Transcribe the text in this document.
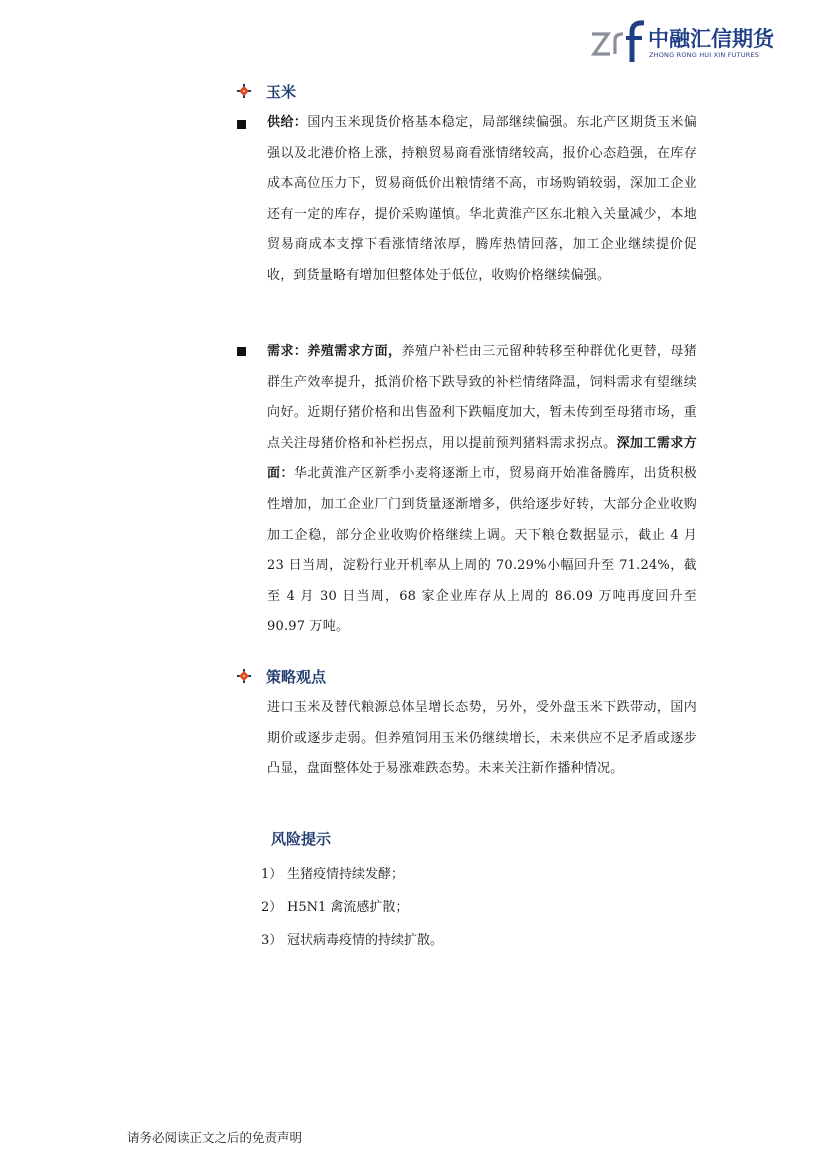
中融汇信期货
ZHONG RONG HUI XIN FUTURES
玉米

供给：国内玉米现货价格基本稳定，局部继续偏强。东北产区期货玉米偏强以及北港价格上涨，持粮贸易商看涨情绪较高，报价心态趋强，在库存成本高位压力下，贸易商低价出粮情绪不高，市场购销较弱，深加工企业还有一定的库存，提价采购谨慎。华北黄淮产区东北粮入关量减少，本地贸易商成本支撑下看涨情绪浓厚，腾库热情回落，加工企业继续提价促收，到货量略有增加但整体处于低位，收购价格继续偏强。

需求：养殖需求方面，养殖户补栏由三元留种转移至种群优化更替，母猪群生产效率提升，抵消价格下跌导致的补栏情绪降温，饲料需求有望继续向好。近期仔猪价格和出售盈利下跌幅度加大，暂未传到至母猪市场，重点关注母猪价格和补栏拐点，用以提前预判猪料需求拐点。深加工需求方面：华北黄淮产区新季小麦将逐渐上市，贸易商开始准备腾库，出货积极性增加，加工企业厂门到货量逐渐增多，供给逐步好转，大部分企业收购加工企稳，部分企业收购价格继续上调。天下粮仓数据显示，截止 4 月 23 日当周，淀粉行业开机率从上周的 70.29%小幅回升至 71.24%，截至 4 月 30 日当周，68 家企业库存从上周的 86.09 万吨再度回升至 90.97 万吨。

策略观点

进口玉米及替代粮源总体呈增长态势，另外，受外盘玉米下跌带动，国内期价或逐步走弱。但养殖饲用玉米仍继续增长，未来供应不足矛盾或逐步凸显，盘面整体处于易涨难跌态势。未来关注新作播种情况。

风险提示
1） 生猪疫情持续发酵；
2） H5N1 禽流感扩散；
3） 冠状病毒疫情的持续扩散。
请务必阅读正文之后的免责声明
